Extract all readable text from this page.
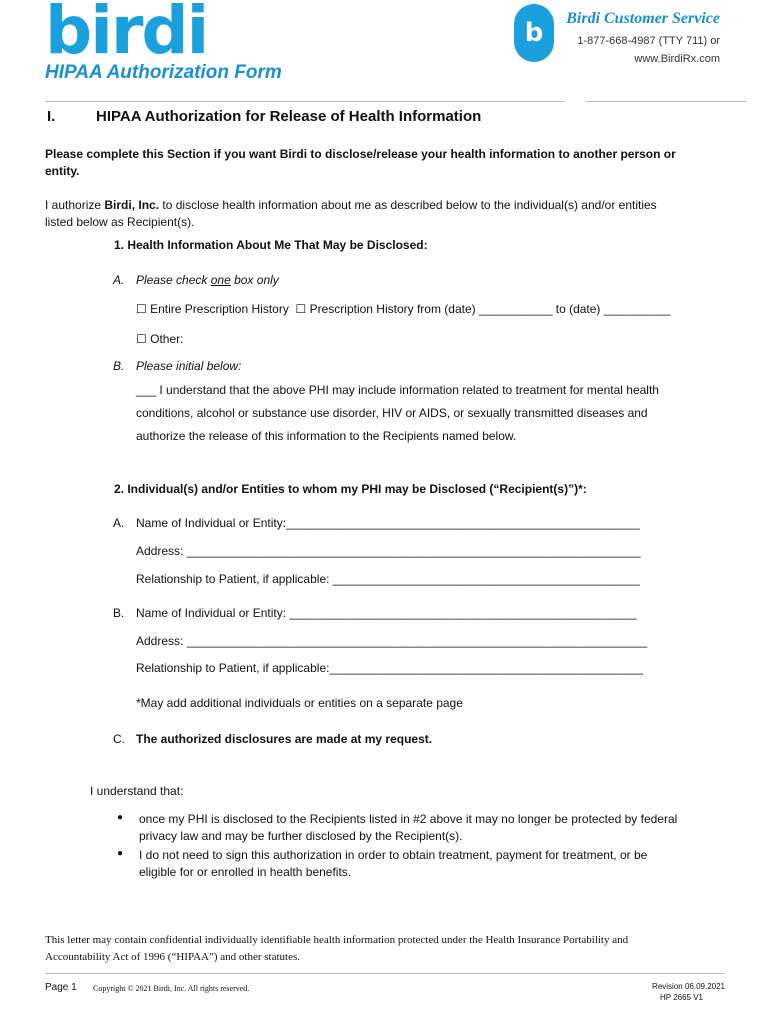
birdi
HIPAA Authorization Form
b	Birdi Customer Service
1-877-668-4987 (TTY 711) or
www.BirdiRx.com
I.	HIPAA Authorization for Release of Health Information
Please complete this Section if you want Birdi to disclose/release your health information to another person or entity.
I authorize Birdi, Inc. to disclose health information about me as described below to the individual(s) and/or entities
listed below as Recipient(s).
1. Health Information About Me That May be Disclosed:
A. Please check one box only
☐ Entire Prescription History ☐ Prescription History from (date) ___________ to (date) __________
☐ Other:
B. Please initial below:
___ I understand that the above PHI may include information related to treatment for mental health
conditions, alcohol or substance use disorder, HIV or AIDS, or sexually transmitted diseases and
authorize the release of this information to the Recipients named below.
2. Individual(s) and/or Entities to whom my PHI may be Disclosed (“Recipient(s)”)*:
A. Name of Individual or Entity:_____________________________________________________
Address: ____________________________________________________________________
Relationship to Patient, if applicable: ______________________________________________
B. Name of Individual or Entity: ____________________________________________________
Address: _____________________________________________________________________
Relationship to Patient, if applicable:_______________________________________________
*May add additional individuals or entities on a separate page
C. The authorized disclosures are made at my request.
I understand that:
● once my PHI is disclosed to the Recipients listed in #2 above it may no longer be protected by federal
privacy law and may be further disclosed by the Recipient(s).
● I do not need to sign this authorization in order to obtain treatment, payment for treatment, or be
eligible for or enrolled in health benefits.
This letter may contain confidential individually identifiable health information protected under the Health Insurance Portability and
Accountability Act of 1996 (“HIPAA”) and other statutes.
Page 1 Copyright © 2021 Birdi, Inc. All rights reserved.	Revision 06.09.2021
HP 2665 V1
